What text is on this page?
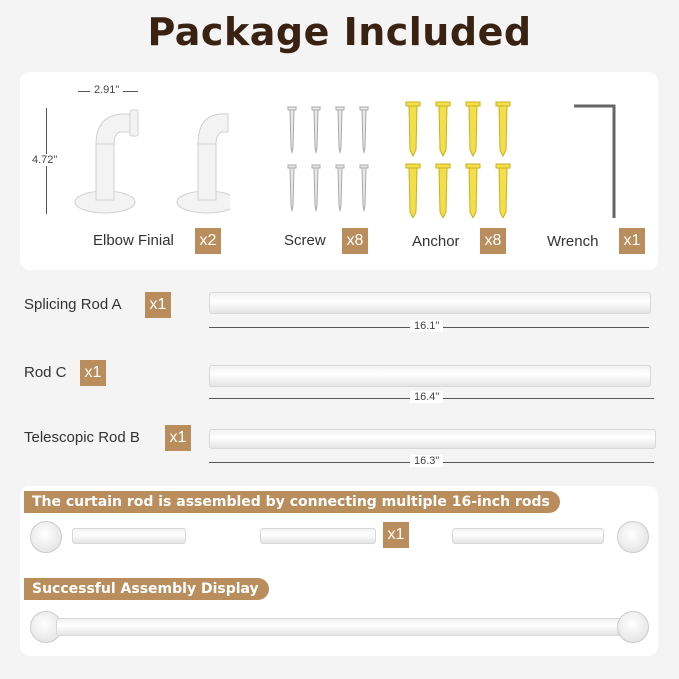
Package Included
2.91"
4.72"
Elbow Finial x2	Screw x8	Anchor x8	Wrench x1
Splicing Rod A x1
16.1"
Rod C x1
16.4"
Telescopic Rod B x1
16.3"
The curtain rod is assembled by connecting multiple 16-inch rods
x1
Successful Assembly Display
